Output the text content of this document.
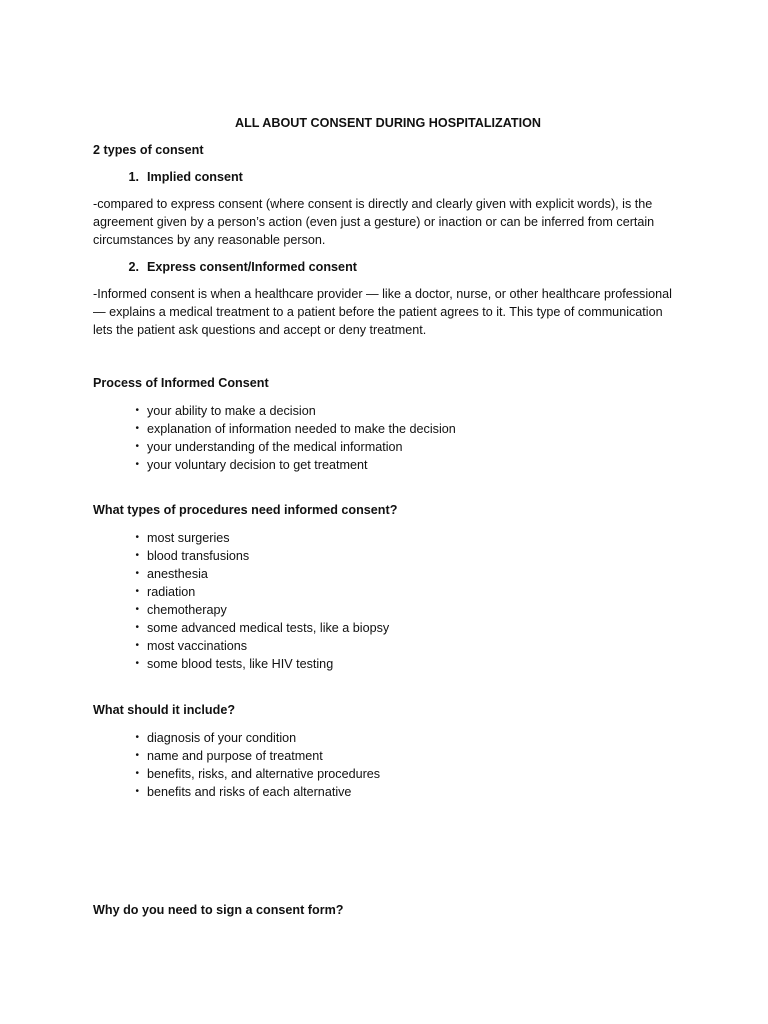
ALL ABOUT CONSENT DURING HOSPITALIZATION

2 types of consent

1. Implied consent

-compared to express consent (where consent is directly and clearly given with explicit words), is the agreement given by a person’s action (even just a gesture) or inaction or can be inferred from certain circumstances by any reasonable person.

2. Express consent/Informed consent

-Informed consent is when a healthcare provider — like a doctor, nurse, or other healthcare professional — explains a medical treatment to a patient before the patient agrees to it. This type of communication lets the patient ask questions and accept or deny treatment.

Process of Informed Consent

• your ability to make a decision
• explanation of information needed to make the decision
• your understanding of the medical information
• your voluntary decision to get treatment

What types of procedures need informed consent?

• most surgeries
• blood transfusions
• anesthesia
• radiation
• chemotherapy
• some advanced medical tests, like a biopsy
• most vaccinations
• some blood tests, like HIV testing

What should it include?

• diagnosis of your condition
• name and purpose of treatment
• benefits, risks, and alternative procedures
• benefits and risks of each alternative

Why do you need to sign a consent form?
